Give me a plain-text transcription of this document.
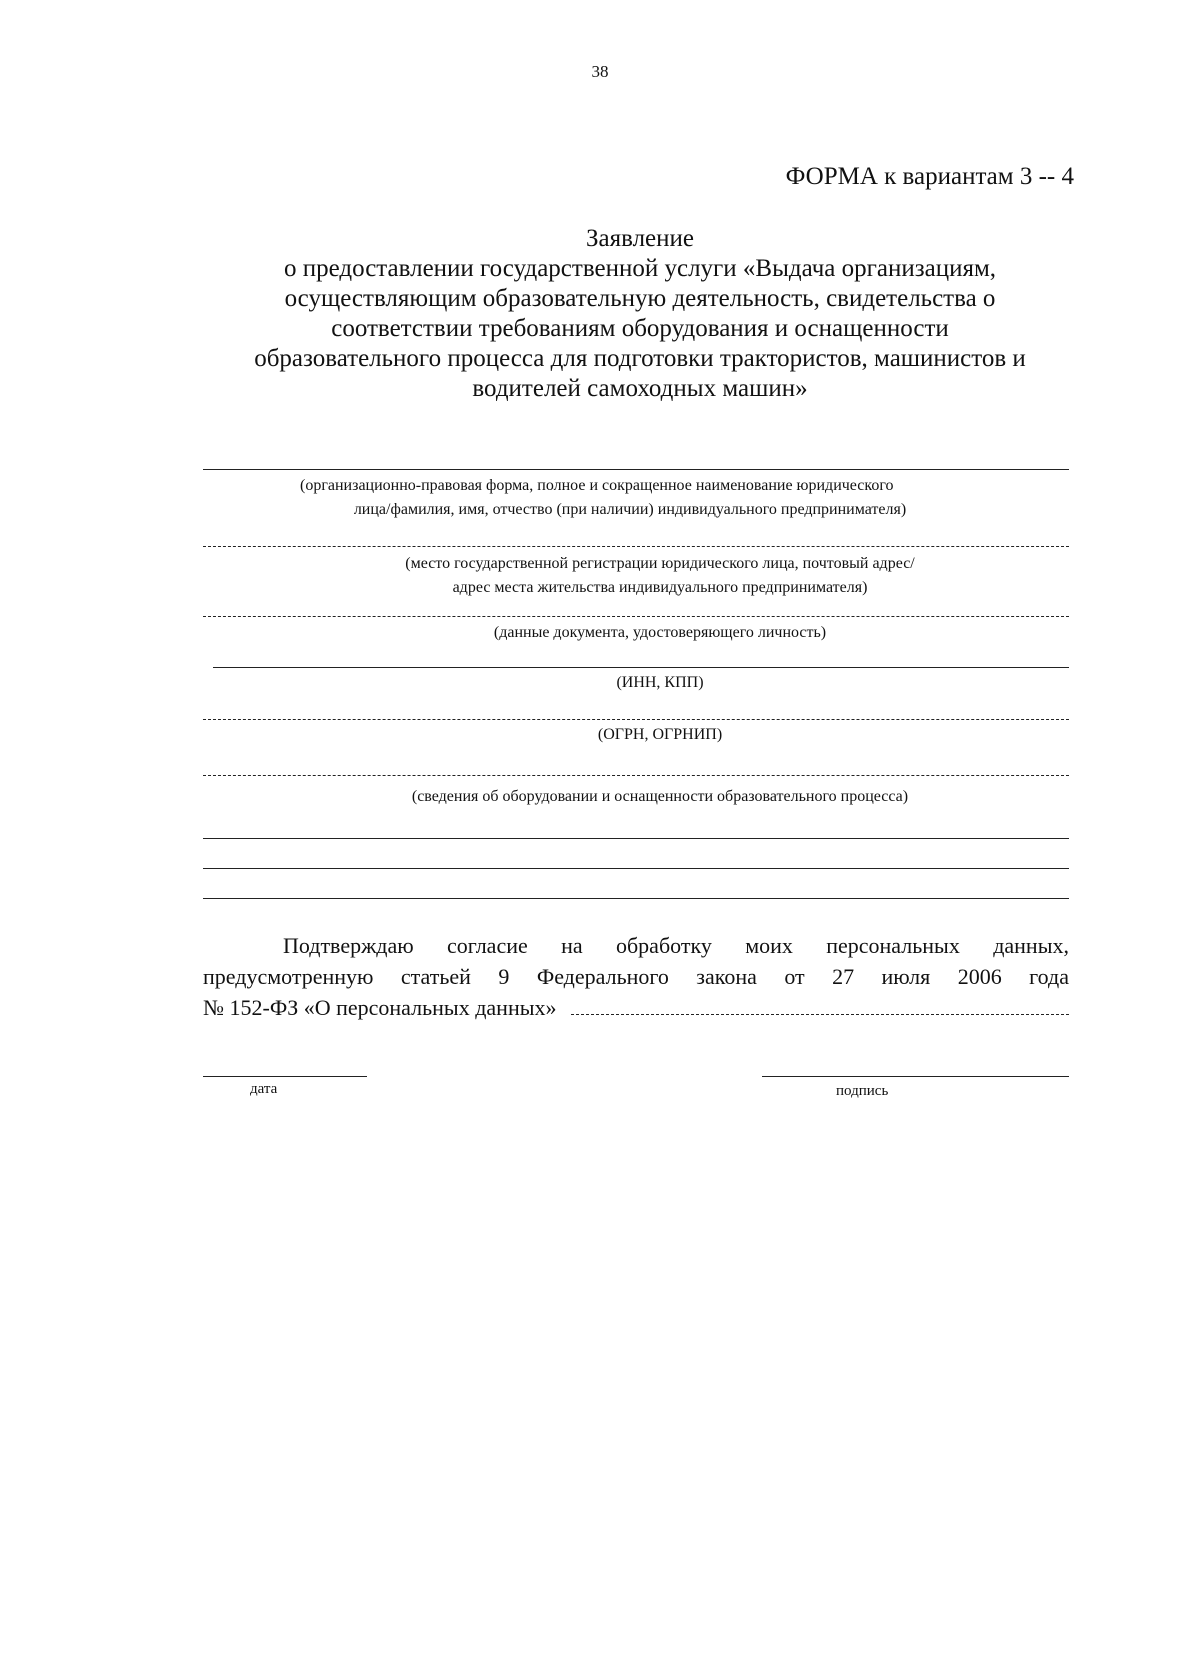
38
ФОРМА к вариантам 3 -- 4
Заявление
о предоставлении государственной услуги «Выдача организациям,
осуществляющим образовательную деятельность, свидетельства о
соответствии требованиям оборудования и оснащенности
образовательного процесса для подготовки трактористов, машинистов и
водителей самоходных машин»
(организационно-правовая форма, полное и сокращенное наименование юридического
лица/фамилия, имя, отчество (при наличии) индивидуального предпринимателя)
(место государственной регистрации юридического лица, почтовый адрес/
адрес места жительства индивидуального предпринимателя)
(данные документа, удостоверяющего личность)
(ИНН, КПП)
(ОГРН, ОГРНИП)
(сведения об оборудовании и оснащенности образовательного процесса)
Подтверждаю согласие на обработку моих персональных данных,
предусмотренную статьей 9 Федерального закона от 27 июля 2006 года
№ 152-ФЗ «О персональных данных»
дата	подпись
